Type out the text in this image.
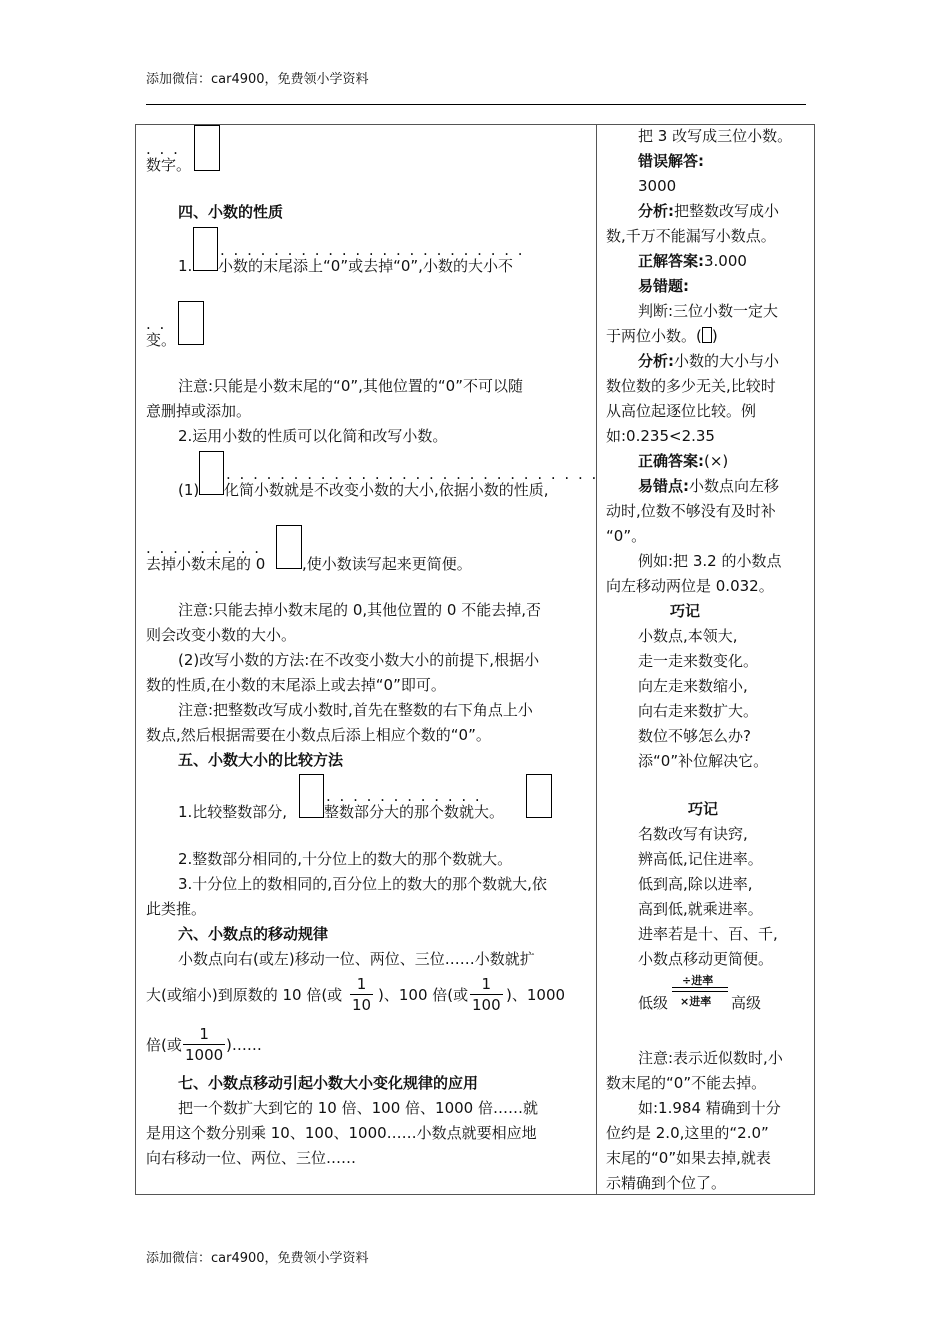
添加微信：car4900，免费领小学资料
. . .
数字。
四、小数的性质
1.
. . . . . . . . . . . . . . . . . . . . . . .
小数的末尾添上“0”或去掉“0”,小数的大小不
. .
变。
注意:只能是小数末尾的“0”,其他位置的“0”不可以随
意删掉或添加。
2.运用小数的性质可以化简和改写小数。
(1)
. . . . . . . . . . . . . . . . . . . . . . . . . . . .
化简小数就是不改变小数的大小,依据小数的性质,
. . . . . . . . .
去掉小数末尾的 0 ,使小数读写起来更简便。
注意:只能去掉小数末尾的 0,其他位置的 0 不能去掉,否
则会改变小数的大小。
(2)改写小数的方法:在不改变小数大小的前提下,根据小
数的性质,在小数的末尾添上或去掉“0”即可。
注意:把整数改写成小数时,首先在整数的右下角点上小
数点,然后根据需要在小数点后添上相应个数的“0”。
五、小数大小的比较方法
1.比较整数部分,
. . . . . . . . . . . .
整数部分大的那个数就大。
2.整数部分相同的,十分位上的数大的那个数就大。
3.十分位上的数相同的,百分位上的数大的那个数就大,依
此类推。
六、小数点的移动规律
小数点向右(或左)移动一位、两位、三位……小数就扩
大(或缩小)到原数的 10 倍(或 $\frac{1}{10}$ )、100 倍(或 $\frac{1}{100}$ )、1000
倍(或 $\frac{1}{1000}$ )……
七、小数点移动引起小数大小变化规律的应用
把一个数扩大到它的 10 倍、100 倍、1000 倍……就
是用这个数分别乘 10、100、1000……小数点就要相应地
向右移动一位、两位、三位……
把 3 改写成三位小数。
错误解答:
3000
分析:把整数改写成小
数,千万不能漏写小数点。
正解答案:3.000
易错题:
判断:三位小数一定大
于两位小数。( )
分析:小数的大小与小
数位数的多少无关,比较时
从高位起逐位比较。例
如:0.235<2.35
正确答案:(×)
易错点:小数点向左移
动时,位数不够没有及时补
“0”。
例如:把 3.2 的小数点
向左移动两位是 0.032。
巧记
小数点,本领大,
走一走来数变化。
向左走来数缩小,
向右走来数扩大。
数位不够怎么办?
添“0”补位解决它。
巧记
名数改写有诀窍,
辨高低,记住进率。
低到高,除以进率,
高到低,就乘进率。
进率若是十、百、千,
小数点移动更简便。
低级
÷进率
×进率 高级
注意:表示近似数时,小
数末尾的“0”不能去掉。
如:1.984 精确到十分
位约是 2.0,这里的“2.0”
末尾的“0”如果去掉,就表
示精确到个位了。
添加微信：car4900，免费领小学资料
